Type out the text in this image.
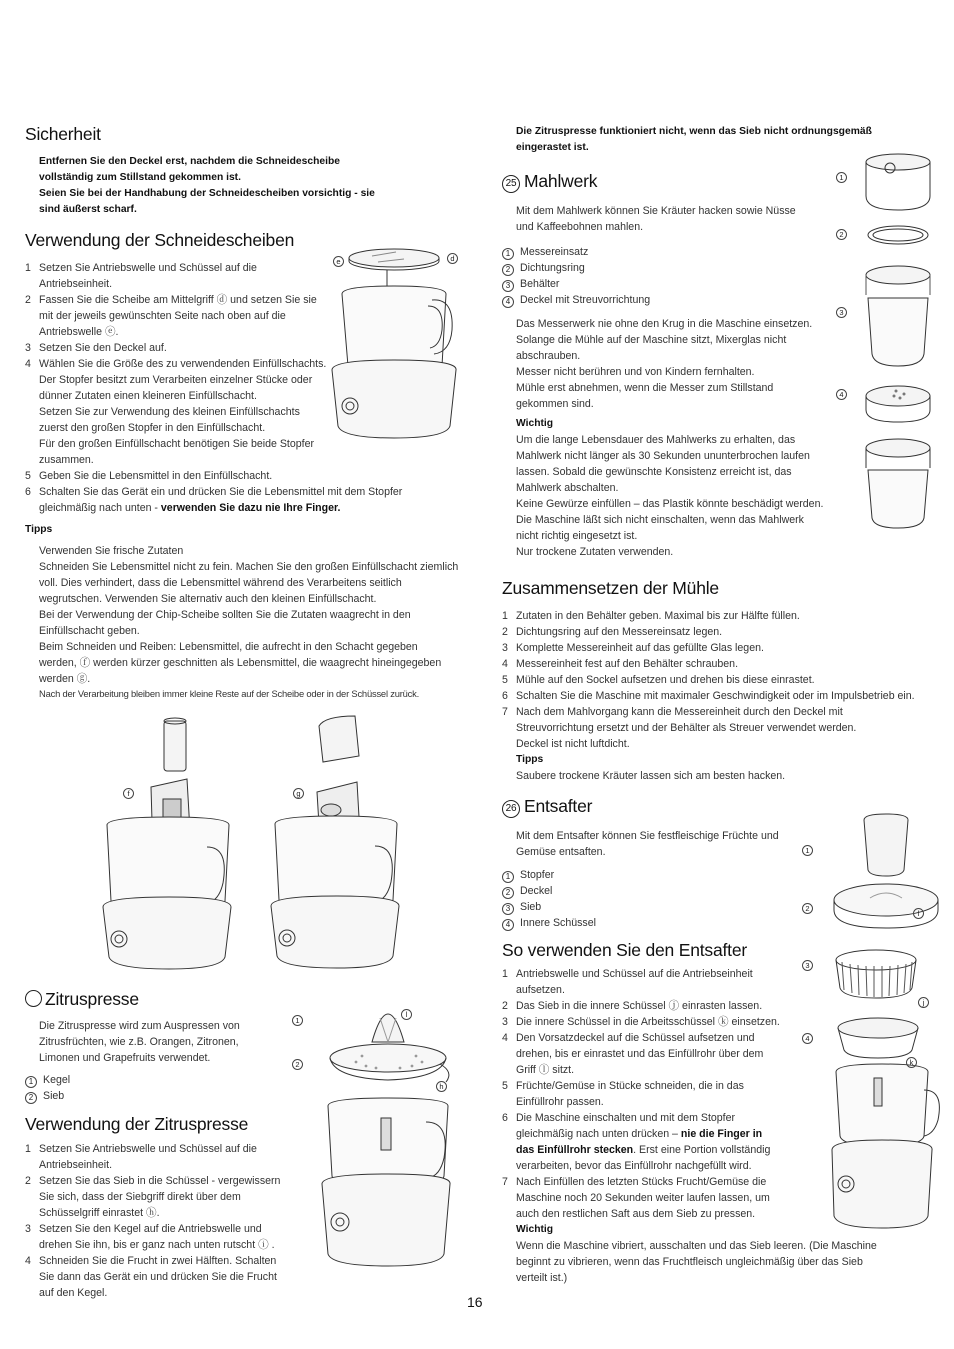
Sicherheit
Entfernen Sie den Deckel erst, nachdem die Schneidescheibe
vollständig zum Stillstand gekommen ist.
Seien Sie bei der Handhabung der Schneidescheiben vorsichtig - sie
sind äußerst scharf.
Verwendung der Schneidescheiben
1 Setzen Sie Antriebswelle und Schüssel auf die
Antriebseinheit.
2 Fassen Sie die Scheibe am Mittelgriff ⓓ und setzen Sie sie
mit der jeweils gewünschten Seite nach oben auf die
Antriebswelle ⓔ.
3 Setzen Sie den Deckel auf.
4 Wählen Sie die Größe des zu verwendenden Einfüllschachts.
Der Stopfer besitzt zum Verarbeiten einzelner Stücke oder
dünner Zutaten einen kleineren Einfüllschacht.
Setzen Sie zur Verwendung des kleinen Einfüllschachts
zuerst den großen Stopfer in den Einfüllschacht.
Für den großen Einfüllschacht benötigen Sie beide Stopfer
zusammen.
5 Geben Sie die Lebensmittel in den Einfüllschacht.
6 Schalten Sie das Gerät ein und drücken Sie die Lebensmittel mit dem Stopfer
gleichmäßig nach unten - verwenden Sie dazu nie Ihre Finger.
Tipps
Verwenden Sie frische Zutaten
Schneiden Sie Lebensmittel nicht zu fein. Machen Sie den großen Einfüllschacht ziemlich
voll. Dies verhindert, dass die Lebensmittel während des Verarbeitens seitlich
wegrutschen. Verwenden Sie alternativ auch den kleinen Einfüllschacht.
Bei der Verwendung der Chip-Scheibe sollten Sie die Zutaten waagrecht in den
Einfüllschacht geben.
Beim Schneiden und Reiben: Lebensmittel, die aufrecht in den Schacht gegeben
werden, ⓕ werden kürzer geschnitten als Lebensmittel, die waagrecht hineingegeben
werden ⓖ.
Nach der Verarbeitung bleiben immer kleine Reste auf der Scheibe oder in der Schüssel zurück.
Zitruspresse
Die Zitruspresse wird zum Auspressen von
Zitrusfrüchten, wie z.B. Orangen, Zitronen,
Limonen und Grapefruits verwendet.
1 Kegel
2 Sieb
Verwendung der Zitruspresse
1 Setzen Sie Antriebswelle und Schüssel auf die
Antriebseinheit.
2 Setzen Sie das Sieb in die Schüssel - vergewissern
Sie sich, dass der Siebgriff direkt über dem
Schüsselgriff einrastet ⓗ.
3 Setzen Sie den Kegel auf die Antriebswelle und
drehen Sie ihn, bis er ganz nach unten rutscht ⓘ .
4 Schneiden Sie die Frucht in zwei Hälften. Schalten
Sie dann das Gerät ein und drücken Sie die Frucht
auf den Kegel.
Die Zitruspresse funktioniert nicht, wenn das Sieb nicht ordnungsgemäß
eingerastet ist.
25 Mahlwerk
Mit dem Mahlwerk können Sie Kräuter hacken sowie Nüsse
und Kaffeebohnen mahlen.
1 Messereinsatz
2 Dichtungsring
3 Behälter
4 Deckel mit Streuvorrichtung
Das Messerwerk nie ohne den Krug in die Maschine einsetzen.
Solange die Mühle auf der Maschine sitzt, Mixerglas nicht
abschrauben.
Messer nicht berühren und von Kindern fernhalten.
Mühle erst abnehmen, wenn die Messer zum Stillstand
gekommen sind.
Wichtig
Um die lange Lebensdauer des Mahlwerks zu erhalten, das
Mahlwerk nicht länger als 30 Sekunden ununterbrochen laufen
lassen. Sobald die gewünschte Konsistenz erreicht ist, das
Mahlwerk abschalten.
Keine Gewürze einfüllen – das Plastik könnte beschädigt werden.
Die Maschine läßt sich nicht einschalten, wenn das Mahlwerk
nicht richtig eingesetzt ist.
Nur trockene Zutaten verwenden.
Zusammensetzen der Mühle
1 Zutaten in den Behälter geben. Maximal bis zur Hälfte füllen.
2 Dichtungsring auf den Messereinsatz legen.
3 Komplette Messereinheit auf das gefüllte Glas legen.
4 Messereinheit fest auf den Behälter schrauben.
5 Mühle auf den Sockel aufsetzen und drehen bis diese einrastet.
6 Schalten Sie die Maschine mit maximaler Geschwindigkeit oder im Impulsbetrieb ein.
7 Nach dem Mahlvorgang kann die Messereinheit durch den Deckel mit
Streuvorrichtung ersetzt und der Behälter als Streuer verwendet werden.
Deckel ist nicht luftdicht.
Tipps
Saubere trockene Kräuter lassen sich am besten hacken.
26 Entsafter
Mit dem Entsafter können Sie festfleischige Früchte und
Gemüse entsaften.
1 Stopfer
2 Deckel
3 Sieb
4 Innere Schüssel
So verwenden Sie den Entsafter
1 Antriebswelle und Schüssel auf die Antriebseinheit
aufsetzen.
2 Das Sieb in die innere Schüssel ⓙ einrasten lassen.
3 Die innere Schüssel in die Arbeitsschüssel ⓚ einsetzen.
4 Den Vorsatzdeckel auf die Schüssel aufsetzen und
drehen, bis er einrastet und das Einfüllrohr über dem
Griff ⓛ sitzt.
5 Früchte/Gemüse in Stücke schneiden, die in das
Einfüllrohr passen.
6 Die Maschine einschalten und mit dem Stopfer
gleichmäßig nach unten drücken – nie die Finger in
das Einfüllrohr stecken. Erst eine Portion vollständig
verarbeiten, bevor das Einfüllrohr nachgefüllt wird.
7 Nach Einfüllen des letzten Stücks Frucht/Gemüse die
Maschine noch 20 Sekunden weiter laufen lassen, um
auch den restlichen Saft aus dem Sieb zu pressen.
Wichtig
Wenn die Maschine vibriert, ausschalten und das Sieb leeren. (Die Maschine
beginnt zu vibrieren, wenn das Fruchtfleisch ungleichmäßig über das Sieb
verteilt ist.)
16
e	d
f	g
1
l
2
h
1
2
3
4
1
2
l
3
j
4
k
